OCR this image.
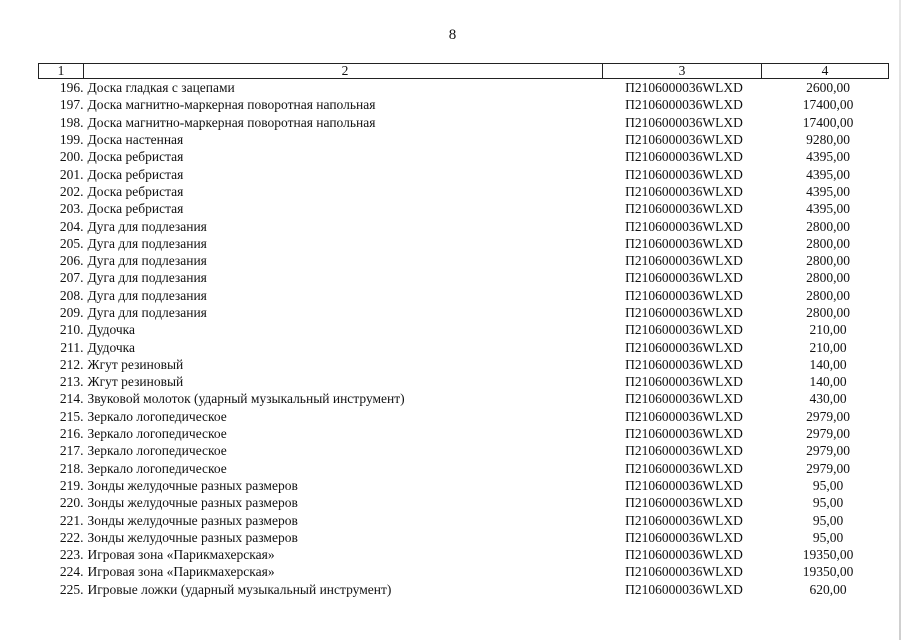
8
1	2	3	4
196.	Доска гладкая с зацепами	П2106000036WLXD	2600,00
197.	Доска магнитно-маркерная поворотная напольная	П2106000036WLXD	17400,00
198.	Доска магнитно-маркерная поворотная напольная	П2106000036WLXD	17400,00
199.	Доска настенная	П2106000036WLXD	9280,00
200.	Доска ребристая	П2106000036WLXD	4395,00
201.	Доска ребристая	П2106000036WLXD	4395,00
202.	Доска ребристая	П2106000036WLXD	4395,00
203.	Доска ребристая	П2106000036WLXD	4395,00
204.	Дуга для подлезания	П2106000036WLXD	2800,00
205.	Дуга для подлезания	П2106000036WLXD	2800,00
206.	Дуга для подлезания	П2106000036WLXD	2800,00
207.	Дуга для подлезания	П2106000036WLXD	2800,00
208.	Дуга для подлезания	П2106000036WLXD	2800,00
209.	Дуга для подлезания	П2106000036WLXD	2800,00
210.	Дудочка	П2106000036WLXD	210,00
211.	Дудочка	П2106000036WLXD	210,00
212.	Жгут резиновый	П2106000036WLXD	140,00
213.	Жгут резиновый	П2106000036WLXD	140,00
214.	Звуковой молоток (ударный музыкальный инструмент)	П2106000036WLXD	430,00
215.	Зеркало логопедическое	П2106000036WLXD	2979,00
216.	Зеркало логопедическое	П2106000036WLXD	2979,00
217.	Зеркало логопедическое	П2106000036WLXD	2979,00
218.	Зеркало логопедическое	П2106000036WLXD	2979,00
219.	Зонды желудочные разных размеров	П2106000036WLXD	95,00
220.	Зонды желудочные разных размеров	П2106000036WLXD	95,00
221.	Зонды желудочные разных размеров	П2106000036WLXD	95,00
222.	Зонды желудочные разных размеров	П2106000036WLXD	95,00
223.	Игровая зона «Парикмахерская»	П2106000036WLXD	19350,00
224.	Игровая зона «Парикмахерская»	П2106000036WLXD	19350,00
225.	Игровые ложки (ударный музыкальный инструмент)	П2106000036WLXD	620,00
